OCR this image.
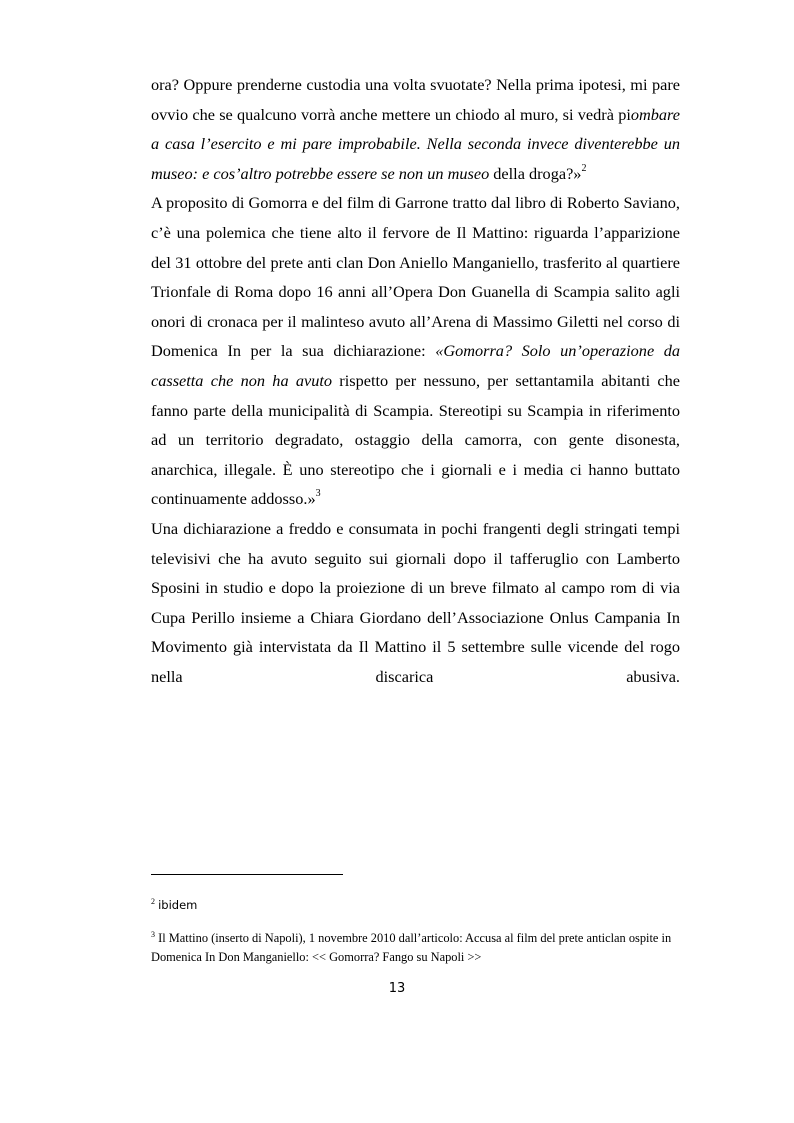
ora? Oppure prenderne custodia una volta svuotate? Nella prima ipotesi, mi pare ovvio che se qualcuno vorrà anche mettere un chiodo al muro, si vedrà piombare a casa l’esercito e mi pare improbabile. Nella seconda invece diventerebbe un museo: e cos’altro potrebbe essere se non un museo della droga?»$^2$

A proposito di Gomorra e del film di Garrone tratto dal libro di Roberto Saviano, c’è una polemica che tiene alto il fervore de Il Mattino: riguarda l’apparizione del 31 ottobre del prete anti clan Don Aniello Manganiello, trasferito al quartiere Trionfale di Roma dopo 16 anni all’Opera Don Guanella di Scampia salito agli onori di cronaca per il malinteso avuto all’Arena di Massimo Giletti nel corso di Domenica In per la sua dichiarazione: «Gomorra? Solo un’operazione da cassetta che non ha avuto rispetto per nessuno, per settantamila abitanti che fanno parte della municipalità di Scampia. Stereotipi su Scampia in riferimento ad un territorio degradato, ostaggio della camorra, con gente disonesta, anarchica, illegale. È uno stereotipo che i giornali e i media ci hanno buttato continuamente addosso.»$^3$

Una dichiarazione a freddo e consumata in pochi frangenti degli stringati tempi televisivi che ha avuto seguito sui giornali dopo il tafferuglio con Lamberto Sposini in studio e dopo la proiezione di un breve filmato al campo rom di via Cupa Perillo insieme a Chiara Giordano dell’Associazione Onlus Campania In Movimento già intervistata da Il Mattino il 5 settembre sulle vicende del rogo nella discarica abusiva.

$^2$ ibidem
$^3$ Il Mattino (inserto di Napoli), 1 novembre 2010 dall’articolo: Accusa al film del prete anticlan ospite in Domenica In Don Manganiello: << Gomorra? Fango su Napoli >>
13
